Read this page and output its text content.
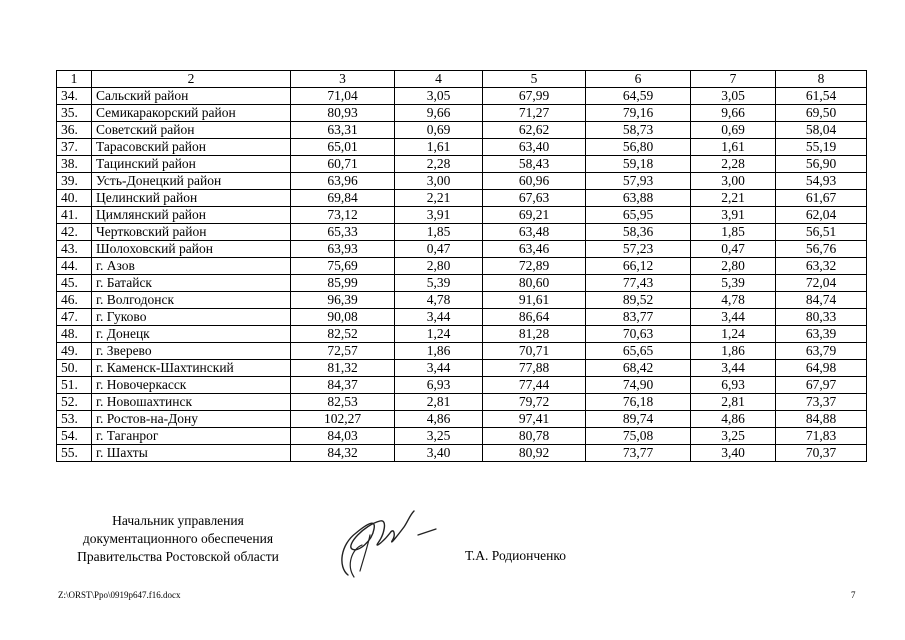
1	2	3	4	5	6	7	8
34.	Сальский район	71,04	3,05	67,99	64,59	3,05	61,54
35.	Семикаракорский район	80,93	9,66	71,27	79,16	9,66	69,50
36.	Советский район	63,31	0,69	62,62	58,73	0,69	58,04
37.	Тарасовский район	65,01	1,61	63,40	56,80	1,61	55,19
38.	Тацинский район	60,71	2,28	58,43	59,18	2,28	56,90
39.	Усть-Донецкий район	63,96	3,00	60,96	57,93	3,00	54,93
40.	Целинский район	69,84	2,21	67,63	63,88	2,21	61,67
41.	Цимлянский район	73,12	3,91	69,21	65,95	3,91	62,04
42.	Чертковский район	65,33	1,85	63,48	58,36	1,85	56,51
43.	Шолоховский район	63,93	0,47	63,46	57,23	0,47	56,76
44.	г. Азов	75,69	2,80	72,89	66,12	2,80	63,32
45.	г. Батайск	85,99	5,39	80,60	77,43	5,39	72,04
46.	г. Волгодонск	96,39	4,78	91,61	89,52	4,78	84,74
47.	г. Гуково	90,08	3,44	86,64	83,77	3,44	80,33
48.	г. Донецк	82,52	1,24	81,28	70,63	1,24	63,39
49.	г. Зверево	72,57	1,86	70,71	65,65	1,86	63,79
50.	г. Каменск-Шахтинский	81,32	3,44	77,88	68,42	3,44	64,98
51.	г. Новочеркасск	84,37	6,93	77,44	74,90	6,93	67,97
52.	г. Новошахтинск	82,53	2,81	79,72	76,18	2,81	73,37
53.	г. Ростов-на-Дону	102,27	4,86	97,41	89,74	4,86	84,88
54.	г. Таганрог	84,03	3,25	80,78	75,08	3,25	71,83
55.	г. Шахты	84,32	3,40	80,92	73,77	3,40	70,37
Начальник управления
документационного обеспечения
Правительства Ростовской области	Т.А. Родионченко
Z:\ORST\Ppo\0919p647.f16.docx	7
